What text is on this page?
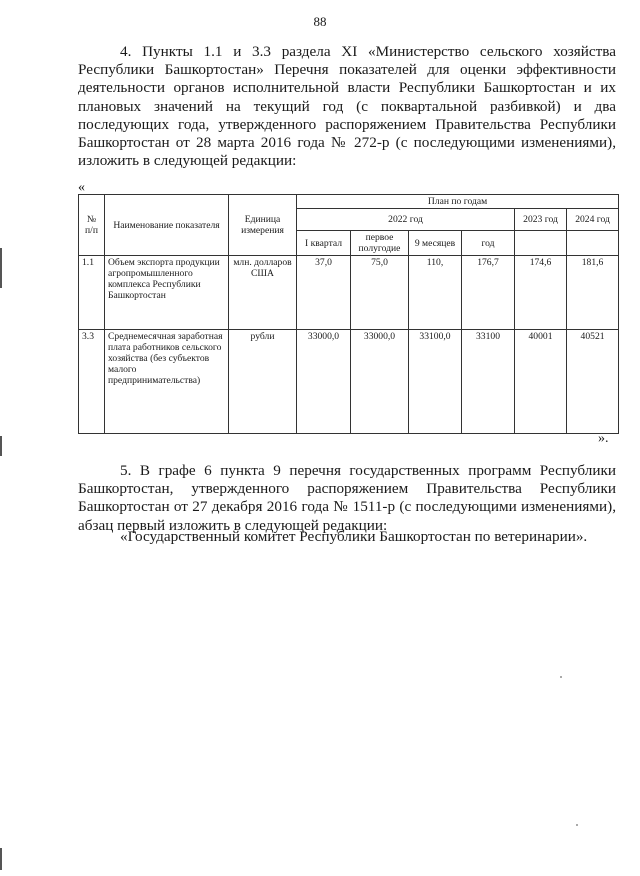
88
4. Пункты 1.1 и 3.3 раздела XI «Министерство сельского хозяйства Республики Башкортостан» Перечня показателей для оценки эффективности деятельности органов исполнительной власти Республики Башкортостан и их плановых значений на текущий год (с поквартальной разбивкой) и два последующих года, утвержденного распоряжением Правительства Республики Башкортостан от 28 марта 2016 года № 272-р (с последующими изменениями), изложить в следующей редакции:
«
№ п/п	Наименование показателя	Единица измерения	План по годам					
			2022 год				2023 год	2024 год
			I квартал	первое полугодие	9 месяцев	год		
1.1	Объем экспорта продукции агропромышленного комплекса Республики Башкортостан	млн. долларов США	37,0	75,0	110,	176,7	174,6	181,6
3.3	Среднемесячная заработная плата работников сельского хозяйства (без субъектов малого предпринимательства)	рубли	33000,0	33000,0	33100,0	33100	40001	40521
».
5. В графе 6 пункта 9 перечня государственных программ Республики Башкортостан, утвержденного распоряжением Правительства Республики Башкортостан от 27 декабря 2016 года № 1511-р (с последующими изменениями), абзац первый изложить в следующей редакции:
«Государственный комитет Республики Башкортостан по ветеринарии».
